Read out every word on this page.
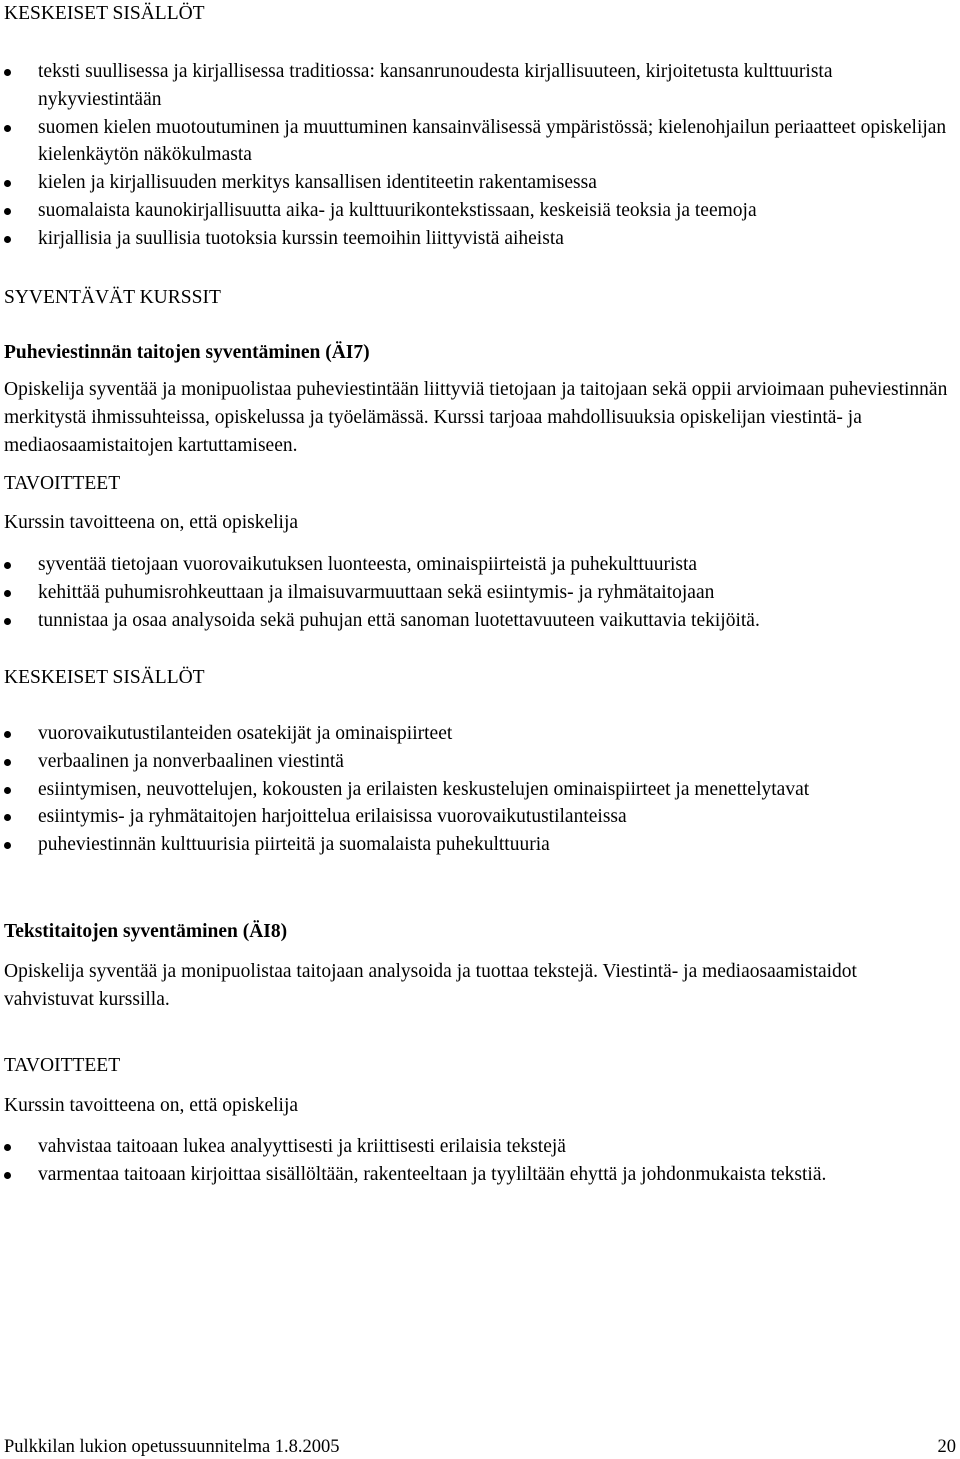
KESKEISET SISÄLLÖT
teksti suullisessa ja kirjallisessa traditiossa: kansanrunoudesta kirjallisuuteen, kirjoitetusta kulttuurista nykyviestintään
suomen kielen muotoutuminen ja muuttuminen kansainvälisessä ympäristössä; kielenohjailun periaatteet opiskelijan kielenkäytön näkökulmasta
kielen ja kirjallisuuden merkitys kansallisen identiteetin rakentamisessa
suomalaista kaunokirjallisuutta aika- ja kulttuurikontekstissaan, keskeisiä teoksia ja teemoja
kirjallisia ja suullisia tuotoksia kurssin teemoihin liittyvistä aiheista
SYVENTÄVÄT KURSSIT
Puheviestinnän taitojen syventäminen (ÄI7)
Opiskelija syventää ja monipuolistaa puheviestintään liittyviä tietojaan ja taitojaan sekä oppii arvioimaan puheviestinnän merkitystä ihmissuhteissa, opiskelussa ja työelämässä. Kurssi tarjoaa mahdollisuuksia opiskelijan viestintä- ja mediaosaamistaitojen kartuttamiseen.
TAVOITTEET
Kurssin tavoitteena on, että opiskelija
syventää tietojaan vuorovaikutuksen luonteesta, ominaispiirteistä ja puhekulttuurista
kehittää puhumisrohkeuttaan ja ilmaisuvarmuuttaan sekä esiintymis- ja ryhmätaitojaan
tunnistaa ja osaa analysoida sekä puhujan että sanoman luotettavuuteen vaikuttavia tekijöitä.
KESKEISET SISÄLLÖT
vuorovaikutustilanteiden osatekijät ja ominaispiirteet
verbaalinen ja nonverbaalinen viestintä
esiintymisen, neuvottelujen, kokousten ja erilaisten keskustelujen ominaispiirteet ja menettelytavat
esiintymis- ja ryhmätaitojen harjoittelua erilaisissa vuorovaikutustilanteissa
puheviestinnän kulttuurisia piirteitä ja suomalaista puhekulttuuria
Tekstitaitojen syventäminen (ÄI8)
Opiskelija syventää ja monipuolistaa taitojaan analysoida ja tuottaa tekstejä. Viestintä- ja mediaosaamistaidot vahvistuvat kurssilla.
TAVOITTEET
Kurssin tavoitteena on, että opiskelija
vahvistaa taitoaan lukea analyyttisesti ja kriittisesti erilaisia tekstejä
varmentaa taitoaan kirjoittaa sisällöltään, rakenteeltaan ja tyyliltään ehyttä ja johdonmukaista tekstiä.
Pulkkilan lukion opetussuunnitelma 1.8.2005	20
